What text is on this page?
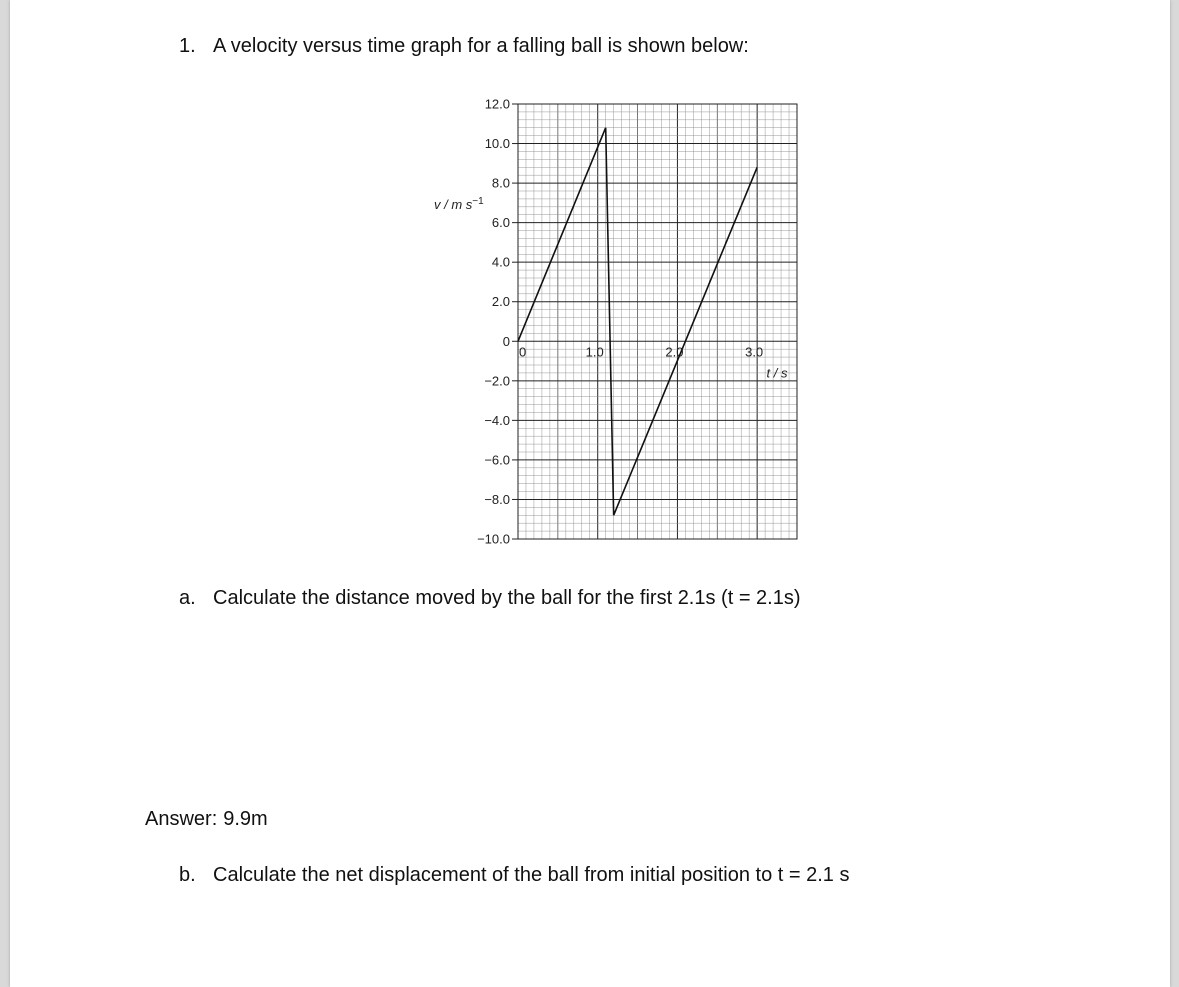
1. A velocity versus time graph for a falling ball is shown below:
12.0
10.0
8.0
6.0
4.0
2.0
0
−2.0
−4.0
−6.0
−8.0
−10.0
0	1.0	2.0	3.0
t / s
v / m $s^{-1}$
a. Calculate the distance moved by the ball for the first 2.1s (t = 2.1s)
Answer: 9.9m
b. Calculate the net displacement of the ball from initial position to t = 2.1 s
